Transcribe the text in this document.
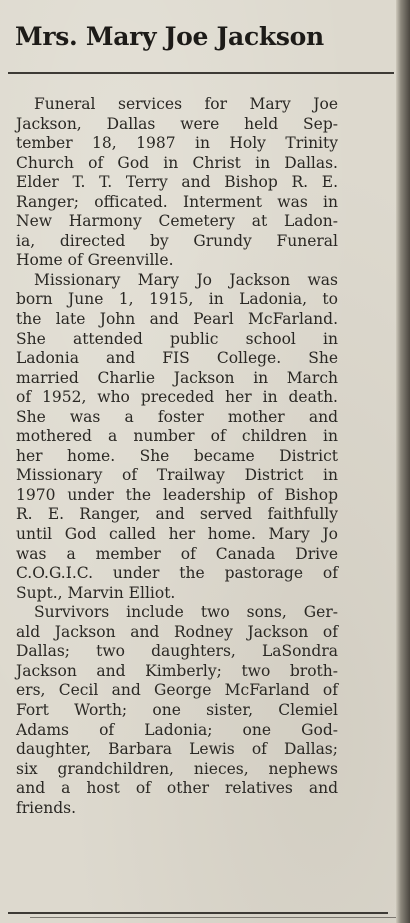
Mrs. Mary Joe Jackson
Funeral services for Mary Joe
Jackson, Dallas were held Sep-
tember 18, 1987 in Holy Trinity
Church of God in Christ in Dallas.
Elder T. T. Terry and Bishop R. E.
Ranger; officated. Interment was in
New Harmony Cemetery at Ladon-
ia, directed by Grundy Funeral
Home of Greenville.
Missionary Mary Jo Jackson was
born June 1, 1915, in Ladonia, to
the late John and Pearl McFarland.
She attended public school in
Ladonia and FIS College. She
married Charlie Jackson in March
of 1952, who preceded her in death.
She was a foster mother and
mothered a number of children in
her home. She became District
Missionary of Trailway District in
1970 under the leadership of Bishop
R. E. Ranger, and served faithfully
until God called her home. Mary Jo
was a member of Canada Drive
C.O.G.I.C. under the pastorage of
Supt., Marvin Elliot.
Survivors include two sons, Ger-
ald Jackson and Rodney Jackson of
Dallas; two daughters, LaSondra
Jackson and Kimberly; two broth-
ers, Cecil and George McFarland of
Fort Worth; one sister, Clemiel
Adams of Ladonia; one God-
daughter, Barbara Lewis of Dallas;
six grandchildren, nieces, nephews
and a host of other relatives and
friends.
